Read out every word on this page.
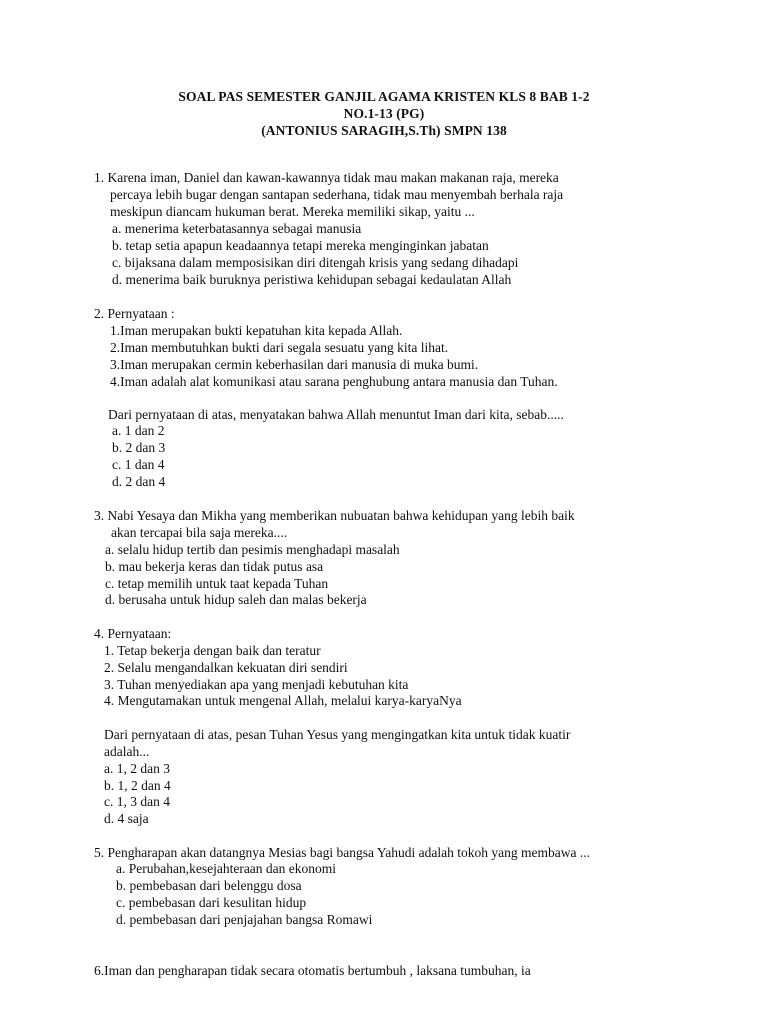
SOAL PAS SEMESTER GANJIL AGAMA KRISTEN KLS 8 BAB 1-2
NO.1-13 (PG)
(ANTONIUS SARAGIH,S.Th) SMPN 138
1. Karena iman, Daniel dan kawan-kawannya tidak mau makan makanan raja, mereka
percaya lebih bugar dengan santapan sederhana, tidak mau menyembah berhala raja
meskipun diancam hukuman berat. Mereka memiliki sikap, yaitu ...
a. menerima keterbatasannya sebagai manusia
b. tetap setia apapun keadaannya tetapi mereka menginginkan jabatan
c. bijaksana dalam memposisikan diri ditengah krisis yang sedang dihadapi
d. menerima baik buruknya peristiwa kehidupan sebagai kedaulatan Allah
2. Pernyataan :
1.Iman merupakan bukti kepatuhan kita kepada Allah.
2.Iman membutuhkan bukti dari segala sesuatu yang kita lihat.
3.Iman merupakan cermin keberhasilan dari manusia di muka bumi.
4.Iman adalah alat komunikasi atau sarana penghubung antara manusia dan Tuhan.
Dari pernyataan di atas, menyatakan bahwa Allah menuntut Iman dari kita, sebab.....
a. 1 dan 2
b. 2 dan 3
c. 1 dan 4
d. 2 dan 4
3. Nabi Yesaya dan Mikha yang memberikan nubuatan bahwa kehidupan yang lebih baik
akan tercapai bila saja mereka....
a. selalu hidup tertib dan pesimis menghadapi masalah
b. mau bekerja keras dan tidak putus asa
c. tetap memilih untuk taat kepada Tuhan
d. berusaha untuk hidup saleh dan malas bekerja
4. Pernyataan:
1. Tetap bekerja dengan baik dan teratur
2. Selalu mengandalkan kekuatan diri sendiri
3. Tuhan menyediakan apa yang menjadi kebutuhan kita
4. Mengutamakan untuk mengenal Allah, melalui karya-karyaNya
Dari pernyataan di atas, pesan Tuhan Yesus yang mengingatkan kita untuk tidak kuatir
adalah...
a. 1, 2 dan 3
b. 1, 2 dan 4
c. 1, 3 dan 4
d. 4 saja
5. Pengharapan akan datangnya Mesias bagi bangsa Yahudi adalah tokoh yang membawa ...
a. Perubahan,kesejahteraan dan ekonomi
b. pembebasan dari belenggu dosa
c. pembebasan dari kesulitan hidup
d. pembebasan dari penjajahan bangsa Romawi
6.Iman dan pengharapan tidak secara otomatis bertumbuh , laksana tumbuhan, ia
